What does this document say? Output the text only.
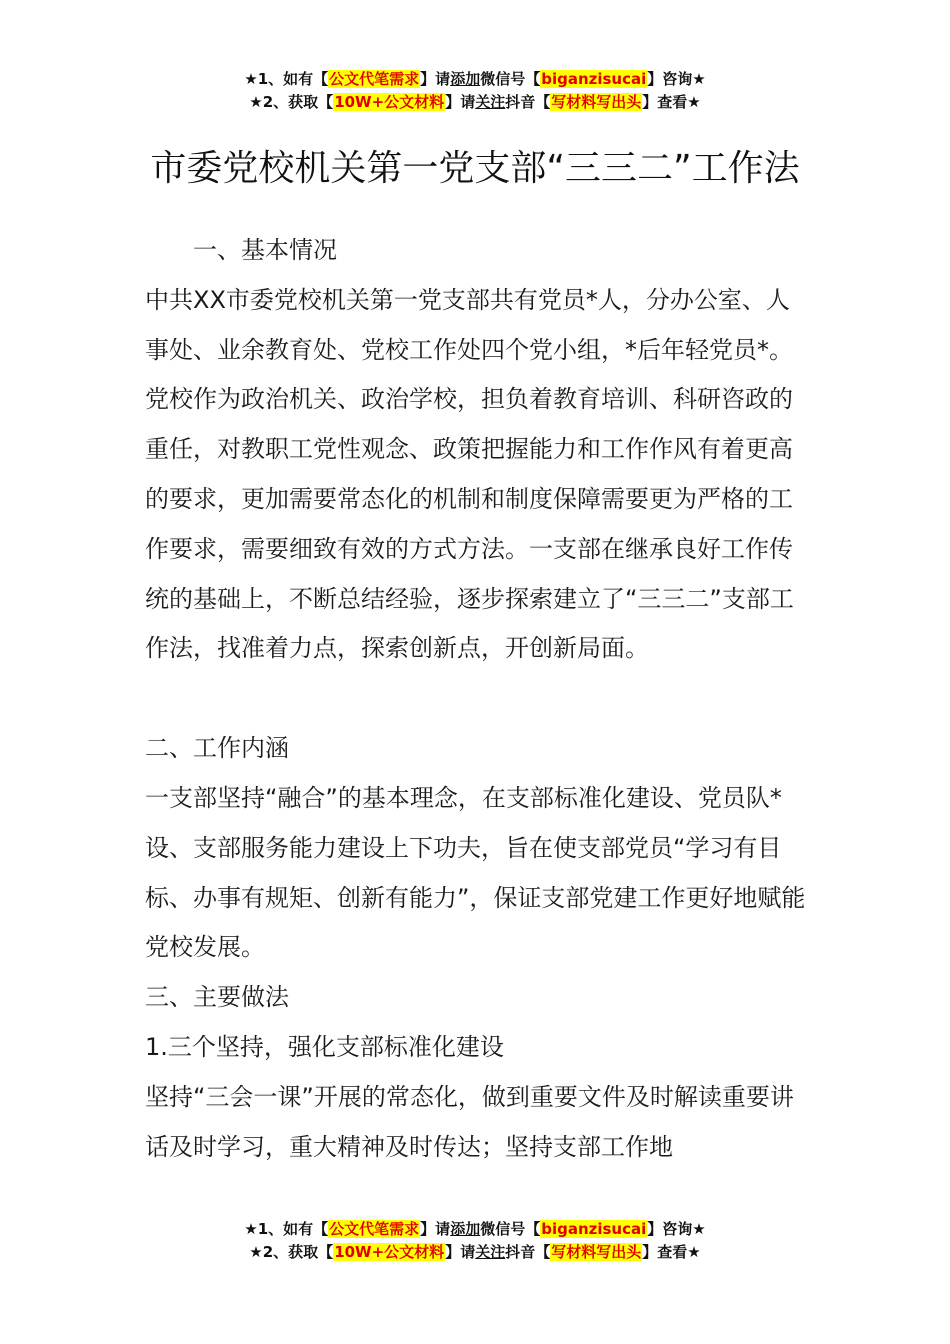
★1、如有【公文代笔需求】请添加微信号【biganzisucai】咨询★
★2、获取【10W+公文材料】请关注抖音【写材料写出头】查看★
市委党校机关第一党支部“三三二”工作法

一、基本情况

中共XX市委党校机关第一党支部共有党员*人，分办公室、人事处、业余教育处、党校工作处四个党小组，*后年轻党员*。党校作为政治机关、政治学校，担负着教育培训、科研咨政的重任，对教职工党性观念、政策把握能力和工作作风有着更高的要求，更加需要常态化的机制和制度保障需要更为严格的工作要求，需要细致有效的方式方法。一支部在继承良好工作传统的基础上，不断总结经验，逐步探索建立了“三三二”支部工作法，找准着力点，探索创新点，开创新局面。

二、工作内涵

一支部坚持“融合”的基本理念，在支部标准化建设、党员队*设、支部服务能力建设上下功夫，旨在使支部党员“学习有目标、办事有规矩、创新有能力”，保证支部党建工作更好地赋能党校发展。

三、主要做法

1.三个坚持，强化支部标准化建设

坚持“三会一课”开展的常态化，做到重要文件及时解读重要讲话及时学习，重大精神及时传达；坚持支部工作地

★1、如有【公文代笔需求】请添加微信号【biganzisucai】咨询★
★2、获取【10W+公文材料】请关注抖音【写材料写出头】查看★
